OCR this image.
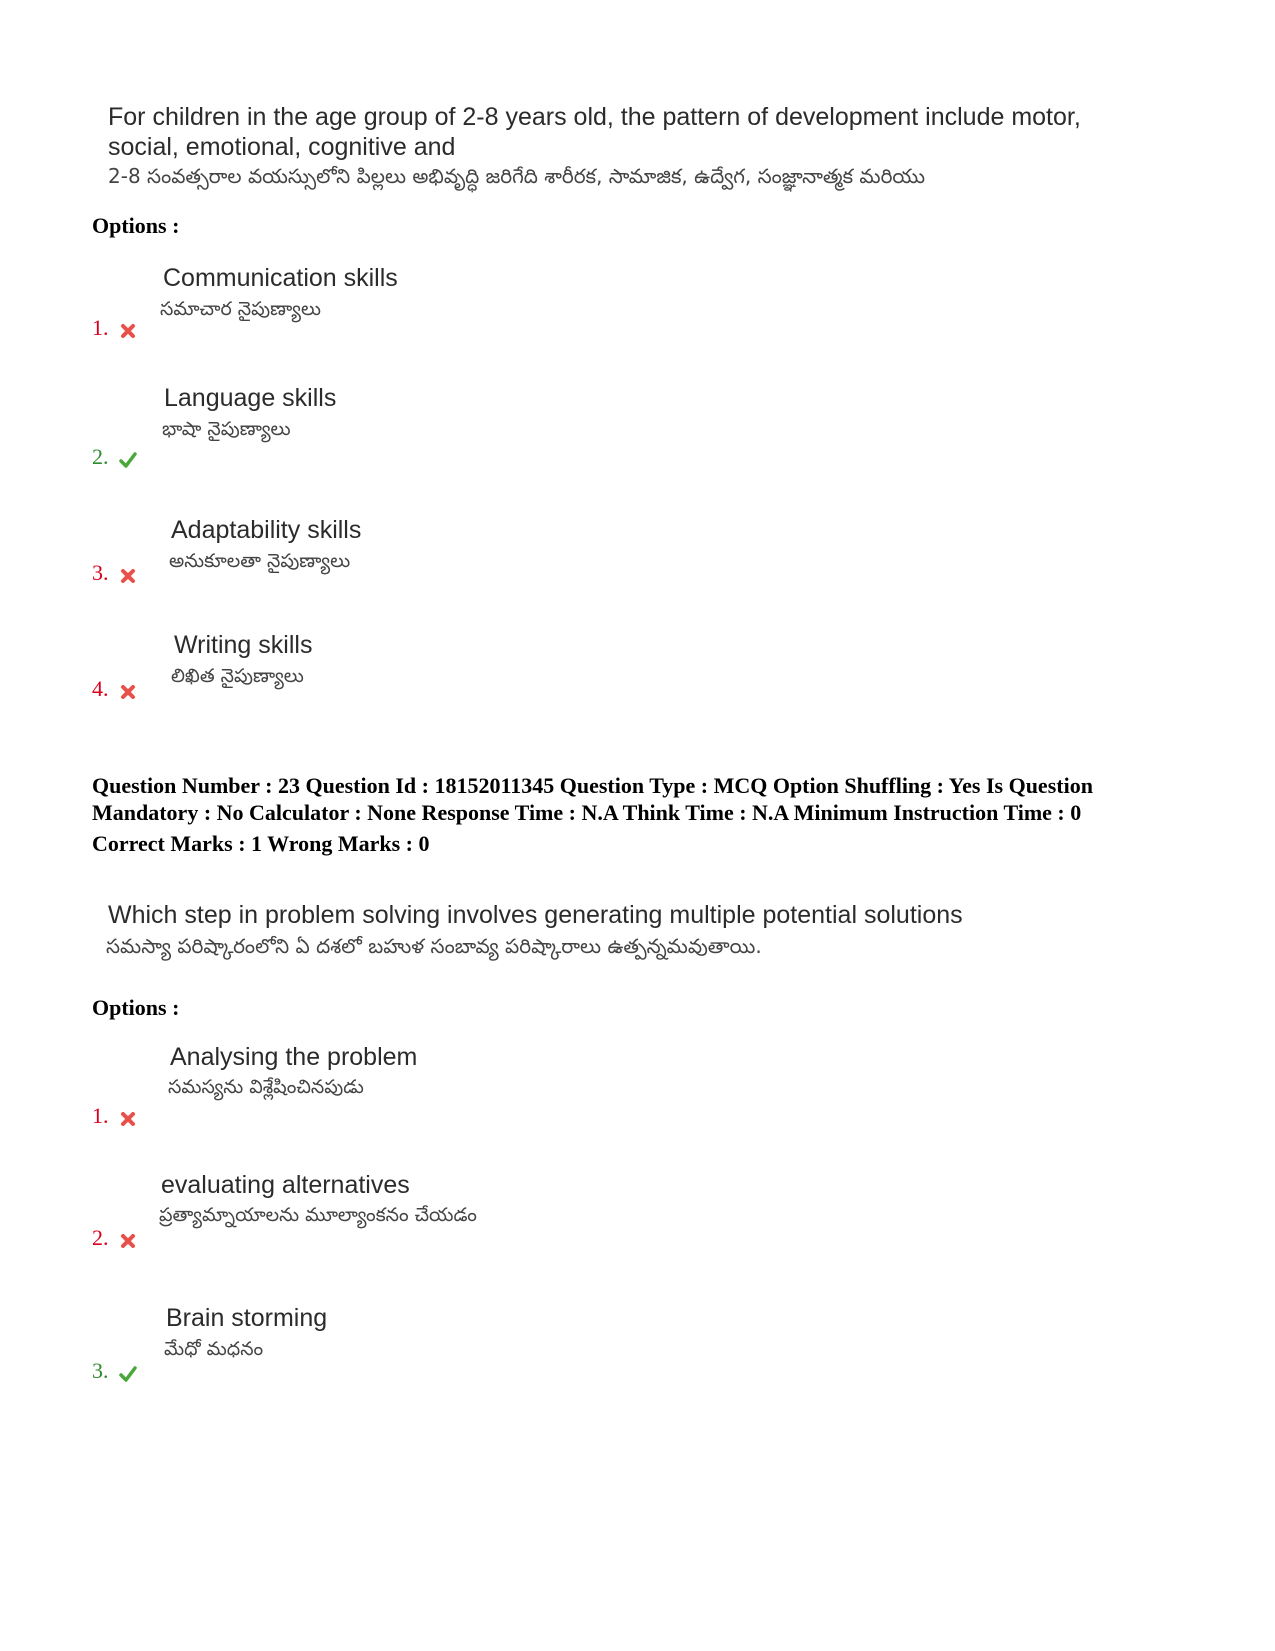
For children in the age group of 2-8 years old, the pattern of development include motor, social, emotional, cognitive and
2-8 సంవత్సరాల వయస్సులోని పిల్లలు అభివృద్ధి జరిగేది శారీరక, సామాజిక, ఉద్వేగ, సంజ్ఞానాత్మక మరియు
Options :
Communication skills
సమాచార నైపుణ్యాలు
1.
Language skills
భాషా నైపుణ్యాలు
2.
Adaptability skills
అనుకూలతా నైపుణ్యాలు
3.
Writing skills
లిఖిత నైపుణ్యాలు
4.
Question Number : 23 Question Id : 18152011345 Question Type : MCQ Option Shuffling : Yes Is Question
Mandatory : No Calculator : None Response Time : N.A Think Time : N.A Minimum Instruction Time : 0
Correct Marks : 1 Wrong Marks : 0
Which step in problem solving involves generating multiple potential solutions
సమస్యా పరిష్కారంలోని ఏ దశలో బహుళ సంబావ్య పరిష్కారాలు ఉత్పన్నమవుతాయి.
Options :
Analysing the problem
సమస్యను విశ్లేషించినపుడు
1.
evaluating alternatives
ప్రత్యామ్నాయాలను మూల్యాంకనం చేయడం
2.
Brain storming
మేధో మధనం
3.
